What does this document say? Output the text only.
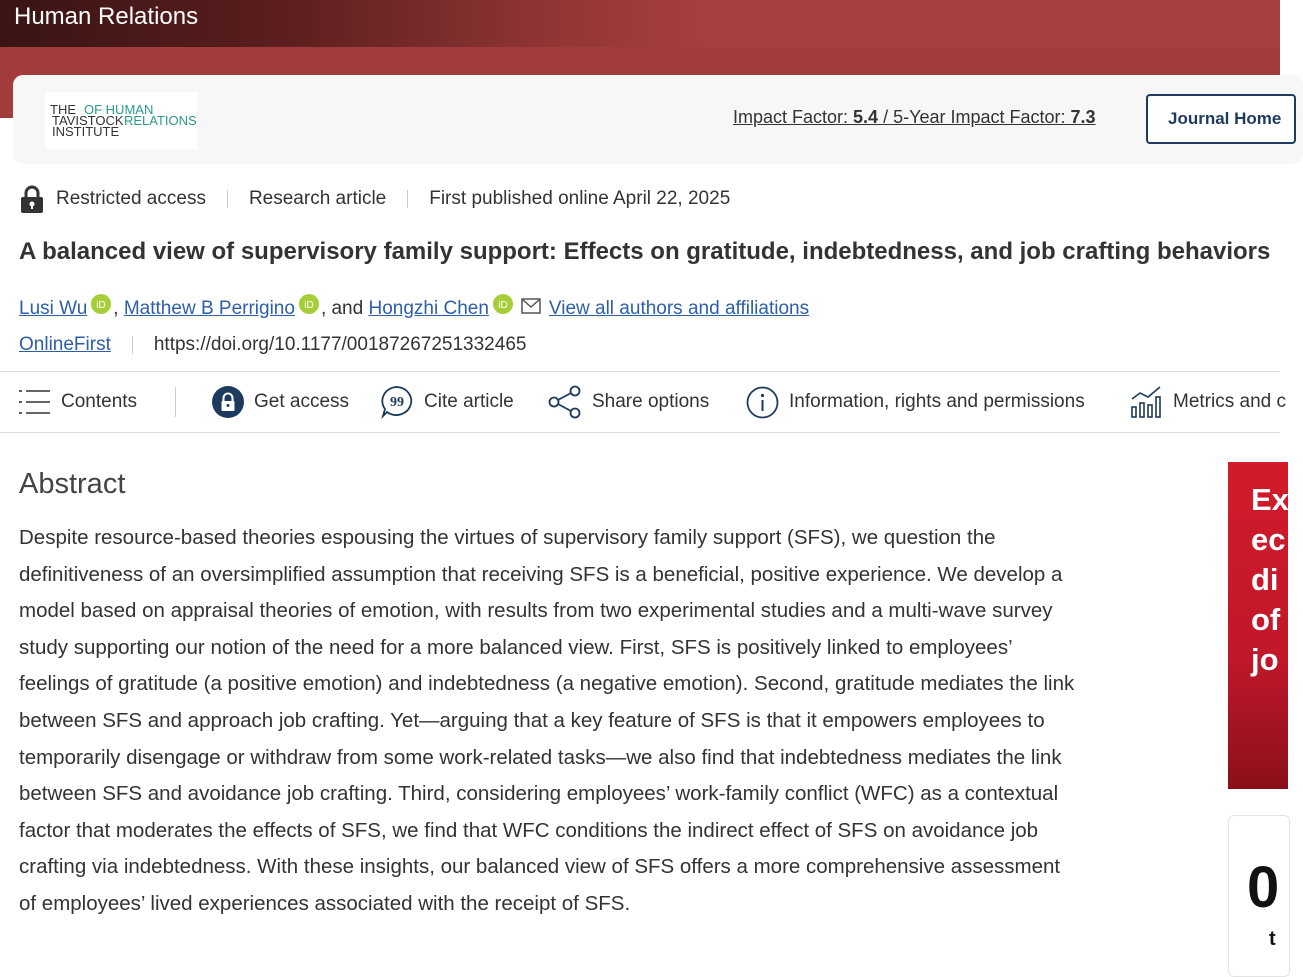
Human Relations
THE OF HUMAN
TAVISTOCK RELATIONS
INSTITUTE
Impact Factor: 5.4 / 5-Year Impact Factor: 7.3	Journal Home
Restricted access Research article First published online April 22, 2025
A balanced view of supervisory family support: Effects on gratitude, indebtedness, and job crafting behaviors
Lusi Wu iD ,
Matthew B Perrigino iD , and
Hongzhi Chen iD View all authors and affiliations
OnlineFirst https://doi.org/10.1177/00187267251332465
Contents	Get access	99 Cite article	Share options	Information, rights and permissions	Metrics and c
Abstract
Despite resource-based theories espousing the virtues of supervisory family support (SFS), we question the definitiveness of an oversimplified assumption that receiving SFS is a beneficial, positive experience. We develop a model based on appraisal theories of emotion, with results from two experimental studies and a multi-wave survey study supporting our notion of the need for a more balanced view. First, SFS is positively linked to employees’ feelings of gratitude (a positive emotion) and indebtedness (a negative emotion). Second, gratitude mediates the link between SFS and approach job crafting. Yet—arguing that a key feature of SFS is that it empowers employees to temporarily disengage or withdraw from some work-related tasks—we also find that indebtedness mediates the link between SFS and avoidance job crafting. Third, considering employees’ work-family conflict (WFC) as a contextual factor that moderates the effects of SFS, we find that WFC conditions the indirect effect of SFS on avoidance job crafting via indebtedness. With these insights, our balanced view of SFS offers a more comprehensive assessment of employees’ lived experiences associated with the receipt of SFS.
Ex
ec
di
of
jo
0
t
